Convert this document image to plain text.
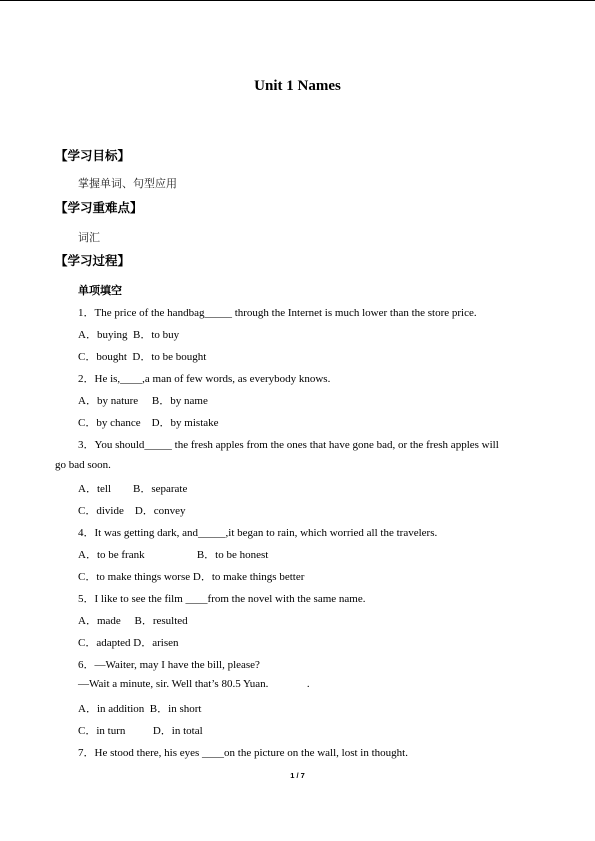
Unit 1 Names
【学习目标】
掌握单词、句型应用
【学习重难点】
词汇
【学习过程】
单项填空
1．The price of the handbag_____ through the Internet is much lower than the store price.
A．buying  B．to buy
C．bought  D．to be bought
2．He is,____,a man of few words, as everybody knows.
A．by nature     B．by name
C．by chance    D．by mistake
3．You should_____ the fresh apples from the ones that have gone bad, or the fresh apples will
go bad soon.
A．tell        B．separate
C．divide    D．convey
4．It was getting dark, and_____,it began to rain, which worried all the travelers.
A．to be frank                   B．to be honest
C．to make things worse D．to make things better
5．I like to see the film ____from the novel with the same name.
A．made     B．resulted
C．adapted D．arisen
6．—Waiter, may I have the bill, please?
—Wait a minute, sir. Well that’s 80.5 Yuan.              .
A．in addition  B．in short
C．in turn          D．in total
7．He stood there, his eyes ____on the picture on the wall, lost in thought.
1 / 7
